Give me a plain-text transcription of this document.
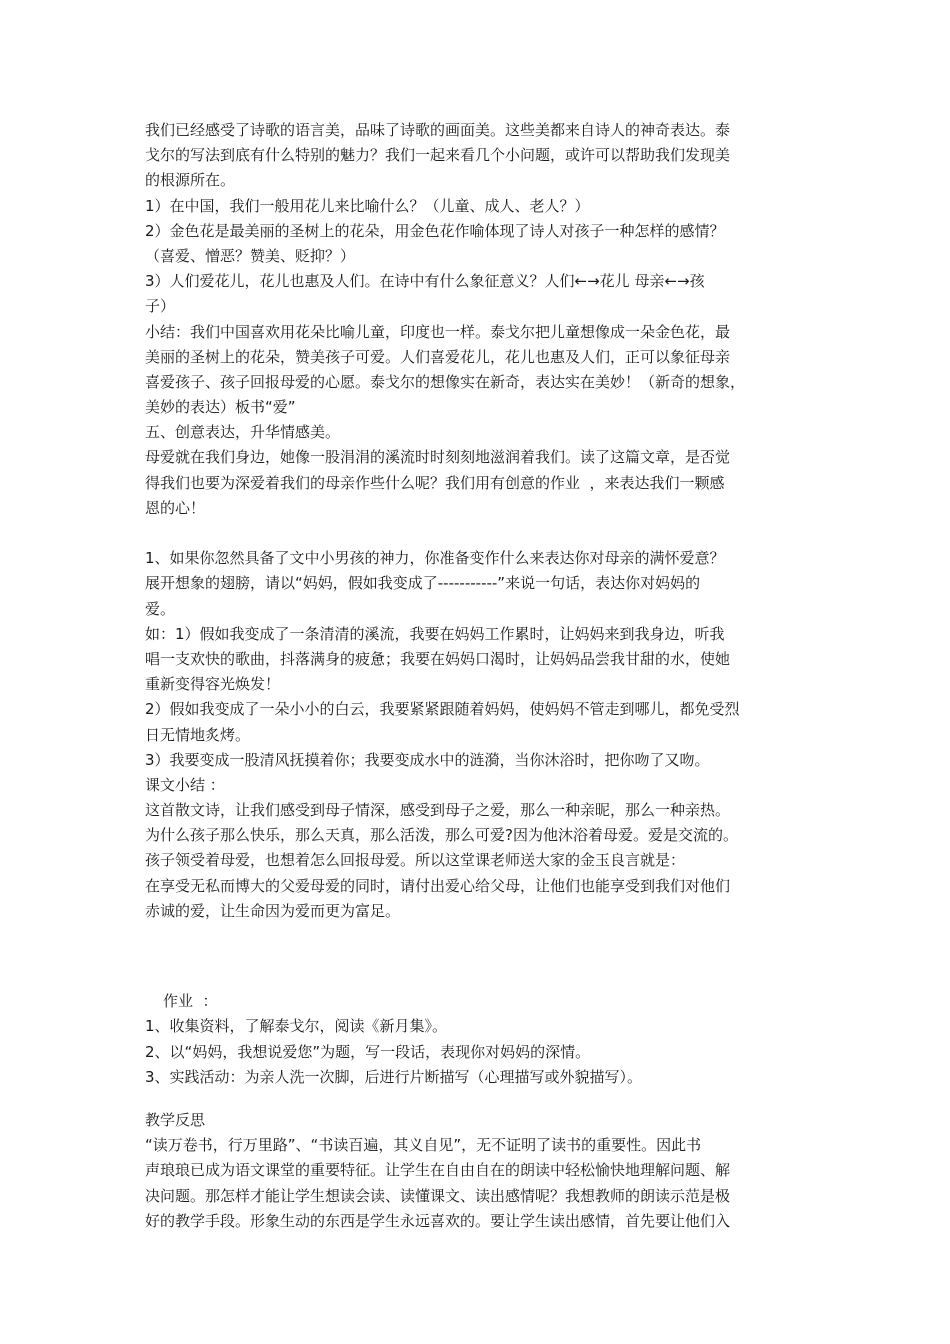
我们已经感受了诗歌的语言美，品味了诗歌的画面美。这些美都来自诗人的神奇表达。泰
戈尔的写法到底有什么特别的魅力？我们一起来看几个小问题，或许可以帮助我们发现美
的根源所在。
1）在中国，我们一般用花儿来比喻什么？（儿童、成人、老人？）
2）金色花是最美丽的圣树上的花朵，用金色花作喻体现了诗人对孩子一种怎样的感情？
（喜爱、憎恶？赞美、贬抑？）
3）人们爱花儿，花儿也惠及人们。在诗中有什么象征意义？人们←→花儿 母亲←→孩
子）
小结：我们中国喜欢用花朵比喻儿童，印度也一样。泰戈尔把儿童想像成一朵金色花，最
美丽的圣树上的花朵，赞美孩子可爱。人们喜爱花儿，花儿也惠及人们，正可以象征母亲
喜爱孩子、孩子回报母爱的心愿。泰戈尔的想像实在新奇，表达实在美妙！（新奇的想象，
美妙的表达）板书“爱”
五、创意表达，升华情感美。
母爱就在我们身边，她像一股涓涓的溪流时时刻刻地滋润着我们。读了这篇文章，是否觉
得我们也要为深爱着我们的母亲作些什么呢？我们用有创意的作业  ，来表达我们一颗感
恩的心！
1、如果你忽然具备了文中小男孩的神力，你准备变作什么来表达你对母亲的满怀爱意？
展开想象的翅膀，请以“妈妈，假如我变成了-----------”来说一句话，表达你对妈妈的
爱。
如：1）假如我变成了一条清清的溪流，我要在妈妈工作累时，让妈妈来到我身边，听我
唱一支欢快的歌曲，抖落满身的疲惫；我要在妈妈口渴时，让妈妈品尝我甘甜的水，使她
重新变得容光焕发！
2）假如我变成了一朵小小的白云，我要紧紧跟随着妈妈，使妈妈不管走到哪儿，都免受烈
日无情地炙烤。
3）我要变成一股清风抚摸着你；我要变成水中的涟漪，当你沐浴时，把你吻了又吻。
课文小结 ：
这首散文诗，让我们感受到母子情深，感受到母子之爱，那么一种亲昵，那么一种亲热。
为什么孩子那么快乐，那么天真，那么活泼，那么可爱?因为他沐浴着母爱。爱是交流的。
孩子领受着母爱，也想着怎么回报母爱。所以这堂课老师送大家的金玉良言就是：
在享受无私而博大的父爱母爱的同时，请付出爱心给父母，让他们也能享受到我们对他们
赤诚的爱，让生命因为爱而更为富足。
作业  ：
1、收集资料，了解泰戈尔，阅读《新月集》。
2、以“妈妈，我想说爱您”为题，写一段话，表现你对妈妈的深情。
3、实践活动：为亲人洗一次脚，后进行片断描写（心理描写或外貌描写）。
教学反思
“读万卷书，行万里路”、“书读百遍，其义自见”，无不证明了读书的重要性。因此书
声琅琅已成为语文课堂的重要特征。让学生在自由自在的朗读中轻松愉快地理解问题、解
决问题。那怎样才能让学生想读会读、读懂课文、读出感情呢？我想教师的朗读示范是极
好的教学手段。形象生动的东西是学生永远喜欢的。要让学生读出感情，首先要让他们入
